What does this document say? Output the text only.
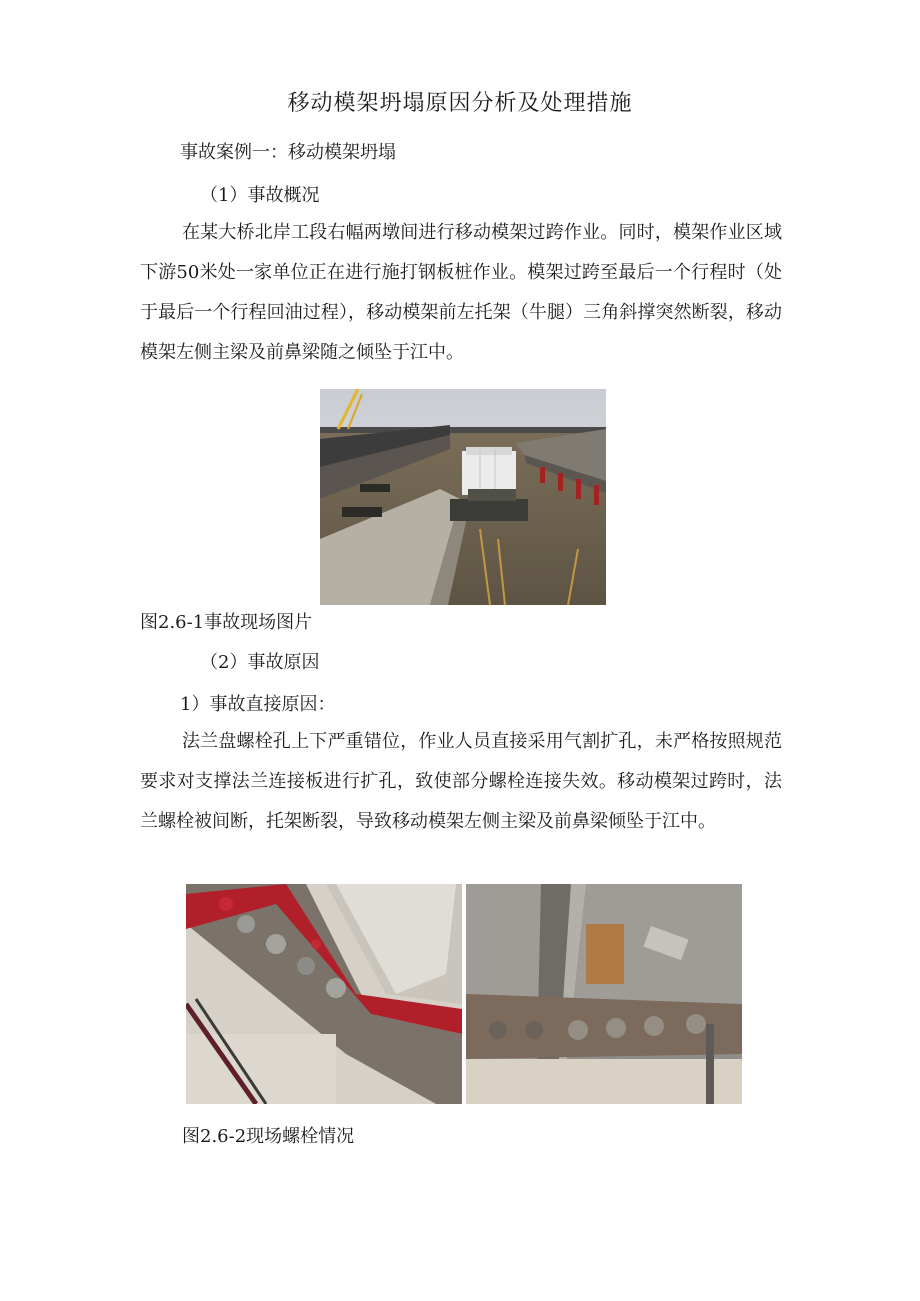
移动模架坍塌原因分析及处理措施
事故案例一：移动模架坍塌
（1）事故概况
在某大桥北岸工段右幅两墩间进行移动模架过跨作业。同时，模架作业区域下游50米处一家单位正在进行施打钢板桩作业。模架过跨至最后一个行程时（处于最后一个行程回油过程），移动模架前左托架（牛腿）三角斜撑突然断裂，移动模架左侧主梁及前鼻梁随之倾坠于江中。
图2.6-1事故现场图片
（2）事故原因
1）事故直接原因：
法兰盘螺栓孔上下严重错位，作业人员直接采用气割扩孔，未严格按照规范要求对支撑法兰连接板进行扩孔，致使部分螺栓连接失效。移动模架过跨时，法兰螺栓被间断，托架断裂，导致移动模架左侧主梁及前鼻梁倾坠于江中。
图2.6-2现场螺栓情况
